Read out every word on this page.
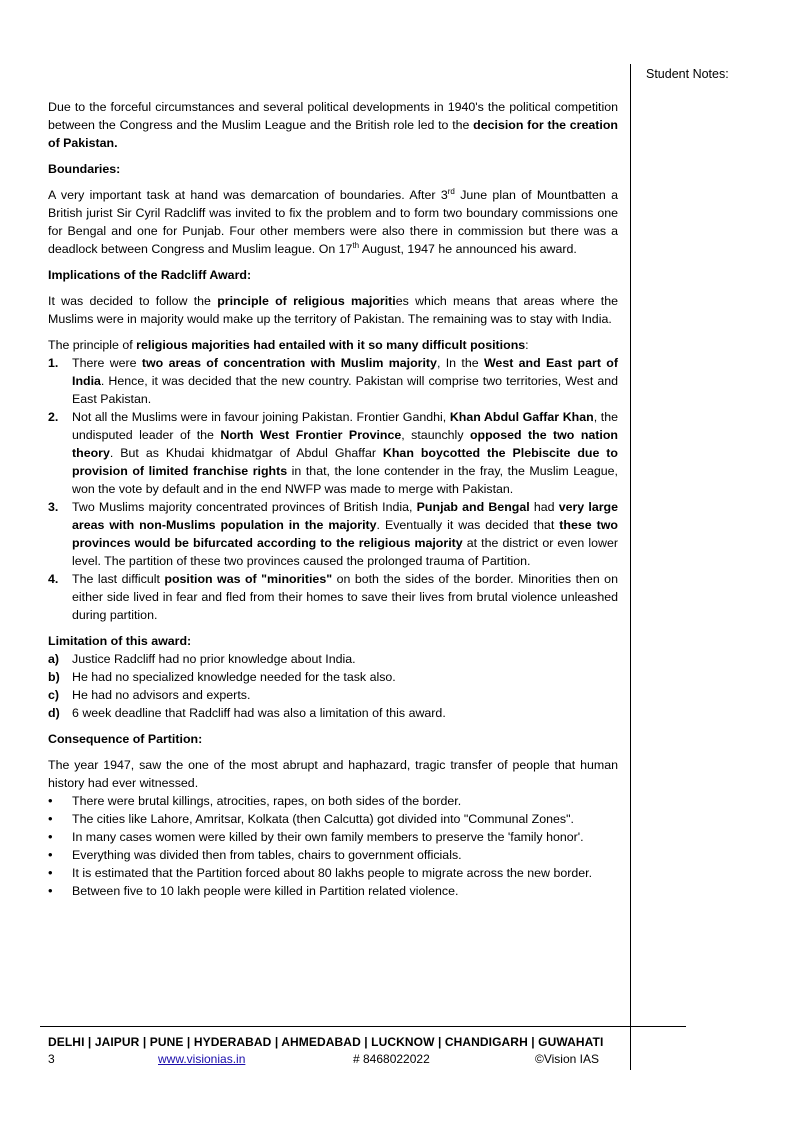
Student Notes:

Due to the forceful circumstances and several political developments in 1940's the political competition between the Congress and the Muslim League and the British role led to the decision for the creation of Pakistan.

Boundaries:

A very important task at hand was demarcation of boundaries. After 3rd June plan of Mountbatten a British jurist Sir Cyril Radcliff was invited to fix the problem and to form two boundary commissions one for Bengal and one for Punjab. Four other members were also there in commission but there was a deadlock between Congress and Muslim league. On 17th August, 1947 he announced his award.

Implications of the Radcliff Award:

It was decided to follow the principle of religious majorities which means that areas where the Muslims were in majority would make up the territory of Pakistan. The remaining was to stay with India.

The principle of religious majorities had entailed with it so many difficult positions:

1. There were two areas of concentration with Muslim majority, In the West and East part of India. Hence, it was decided that the new country. Pakistan will comprise two territories, West and East Pakistan.
2. Not all the Muslims were in favour joining Pakistan. Frontier Gandhi, Khan Abdul Gaffar Khan, the undisputed leader of the North West Frontier Province, staunchly opposed the two nation theory. But as Khudai khidmatgar of Abdul Ghaffar Khan boycotted the Plebiscite due to provision of limited franchise rights in that, the lone contender in the fray, the Muslim League, won the vote by default and in the end NWFP was made to merge with Pakistan.
3. Two Muslims majority concentrated provinces of British India, Punjab and Bengal had very large areas with non-Muslims population in the majority. Eventually it was decided that these two provinces would be bifurcated according to the religious majority at the district or even lower level. The partition of these two provinces caused the prolonged trauma of Partition.
4. The last difficult position was of "minorities" on both the sides of the border. Minorities then on either side lived in fear and fled from their homes to save their lives from brutal violence unleashed during partition.

Limitation of this award:

a) Justice Radcliff had no prior knowledge about India.
b) He had no specialized knowledge needed for the task also.
c) He had no advisors and experts.
d) 6 week deadline that Radcliff had was also a limitation of this award.

Consequence of Partition:

The year 1947, saw the one of the most abrupt and haphazard, tragic transfer of people that human history had ever witnessed.

• There were brutal killings, atrocities, rapes, on both sides of the border.
• The cities like Lahore, Amritsar, Kolkata (then Calcutta) got divided into "Communal Zones".
• In many cases women were killed by their own family members to preserve the 'family honor'.
• Everything was divided then from tables, chairs to government officials.
• It is estimated that the Partition forced about 80 lakhs people to migrate across the new border.
• Between five to 10 lakh people were killed in Partition related violence.
DELHI | JAIPUR | PUNE | HYDERABAD | AHMEDABAD | LUCKNOW | CHANDIGARH | GUWAHATI
3	www.visionias.in	# 8468022022	©Vision IAS
